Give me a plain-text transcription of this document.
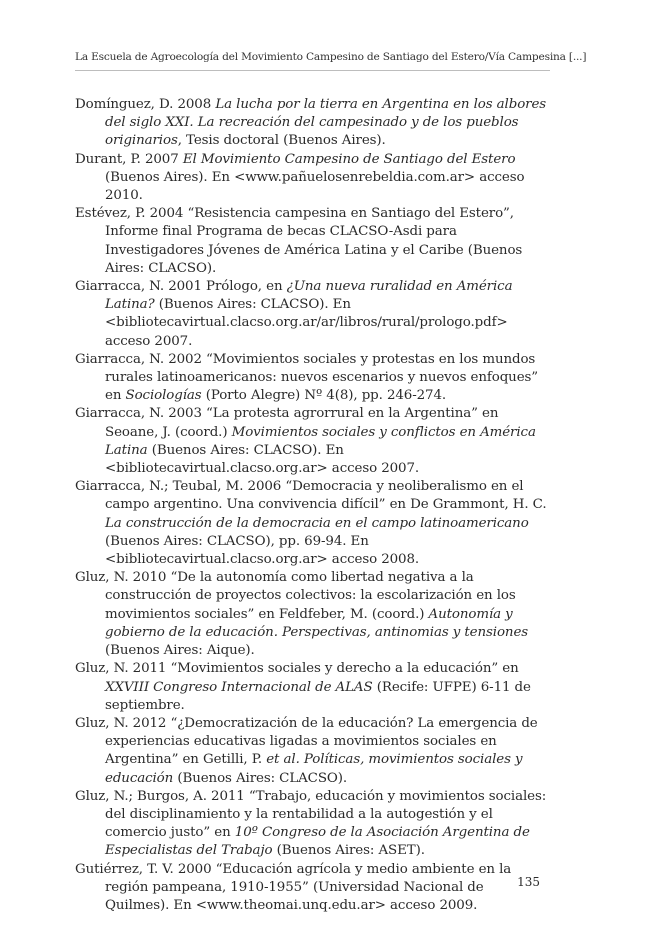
La Escuela de Agroecología del Movimiento Campesino de Santiago del Estero/Vía Campesina [...]

Domínguez, D. 2008 La lucha por la tierra en Argentina en los albores del siglo XXI. La recreación del campesinado y de los pueblos originarios, Tesis doctoral (Buenos Aires).

Durant, P. 2007 El Movimiento Campesino de Santiago del Estero (Buenos Aires). En <www.pañuelosenrebeldia.com.ar> acceso 2010.

Estévez, P. 2004 “Resistencia campesina en Santiago del Estero”, Informe final Programa de becas CLACSO-Asdi para Investigadores Jóvenes de América Latina y el Caribe (Buenos Aires: CLACSO).

Giarracca, N. 2001 Prólogo, en ¿Una nueva ruralidad en América Latina? (Buenos Aires: CLACSO). En <bibliotecavirtual.clacso.org.ar/ar/libros/rural/prologo.pdf> acceso 2007.

Giarracca, N. 2002 “Movimientos sociales y protestas en los mundos rurales latinoamericanos: nuevos escenarios y nuevos enfoques” en Sociologías (Porto Alegre) Nº 4(8), pp. 246-274.

Giarracca, N. 2003 “La protesta agrorrural en la Argentina” en Seoane, J. (coord.) Movimientos sociales y conflictos en América Latina (Buenos Aires: CLACSO). En <bibliotecavirtual.clacso.org.ar> acceso 2007.

Giarracca, N.; Teubal, M. 2006 “Democracia y neoliberalismo en el campo argentino. Una convivencia difícil” en De Grammont, H. C. La construcción de la democracia en el campo latinoamericano (Buenos Aires: CLACSO), pp. 69-94. En <bibliotecavirtual.clacso.org.ar> acceso 2008.

Gluz, N. 2010 “De la autonomía como libertad negativa a la construcción de proyectos colectivos: la escolarización en los movimientos sociales” en Feldfeber, M. (coord.) Autonomía y gobierno de la educación. Perspectivas, antinomias y tensiones (Buenos Aires: Aique).

Gluz, N. 2011 “Movimientos sociales y derecho a la educación” en XXVIII Congreso Internacional de ALAS (Recife: UFPE) 6-11 de septiembre.

Gluz, N. 2012 “¿Democratización de la educación? La emergencia de experiencias educativas ligadas a movimientos sociales en Argentina” en Getilli, P. et al. Políticas, movimientos sociales y educación (Buenos Aires: CLACSO).

Gluz, N.; Burgos, A. 2011 “Trabajo, educación y movimientos sociales: del disciplinamiento y la rentabilidad a la autogestión y el comercio justo” en 10º Congreso de la Asociación Argentina de Especialistas del Trabajo (Buenos Aires: ASET).

Gutiérrez, T. V. 2000 “Educación agrícola y medio ambiente en la región pampeana, 1910-1955” (Universidad Nacional de Quilmes). En <www.theomai.unq.edu.ar> acceso 2009.

135
